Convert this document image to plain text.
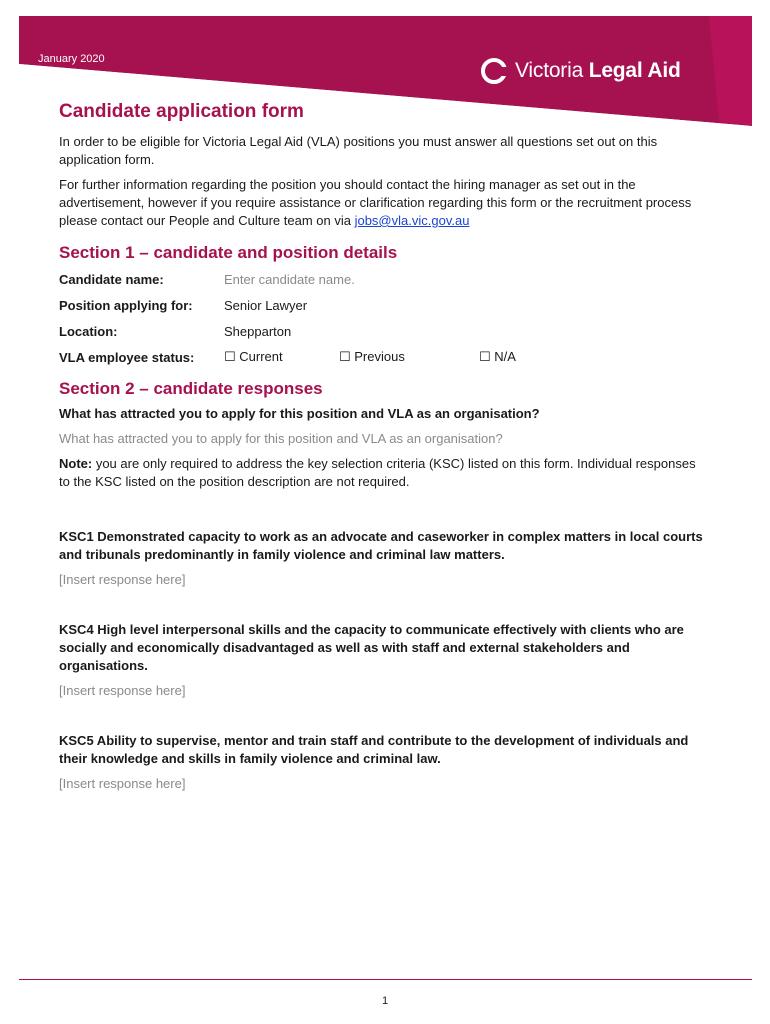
January 2020	Victoria Legal Aid
Candidate application form

In order to be eligible for Victoria Legal Aid (VLA) positions you must answer all questions set out on this application form.

For further information regarding the position you should contact the hiring manager as set out in the advertisement, however if you require assistance or clarification regarding this form or the recruitment process please contact our People and Culture team on via jobs@vla.vic.gov.au

Section 1 – candidate and position details
Candidate name:	Enter candidate name.
Position applying for:	Senior Lawyer
Location:	Shepparton
VLA employee status:	☐ Current	☐ Previous	☐ N/A
Section 2 – candidate responses
What has attracted you to apply for this position and VLA as an organisation?
What has attracted you to apply for this position and VLA as an organisation?

Note: you are only required to address the key selection criteria (KSC) listed on this form. Individual responses to the KSC listed on the position description are not required.

KSC1 Demonstrated capacity to work as an advocate and caseworker in complex matters in local courts and tribunals predominantly in family violence and criminal law matters.
[Insert response here]
KSC4 High level interpersonal skills and the capacity to communicate effectively with clients who are socially and economically disadvantaged as well as with staff and external stakeholders and organisations.
[Insert response here]
KSC5 Ability to supervise, mentor and train staff and contribute to the development of individuals and their knowledge and skills in family violence and criminal law.
[Insert response here]
1
